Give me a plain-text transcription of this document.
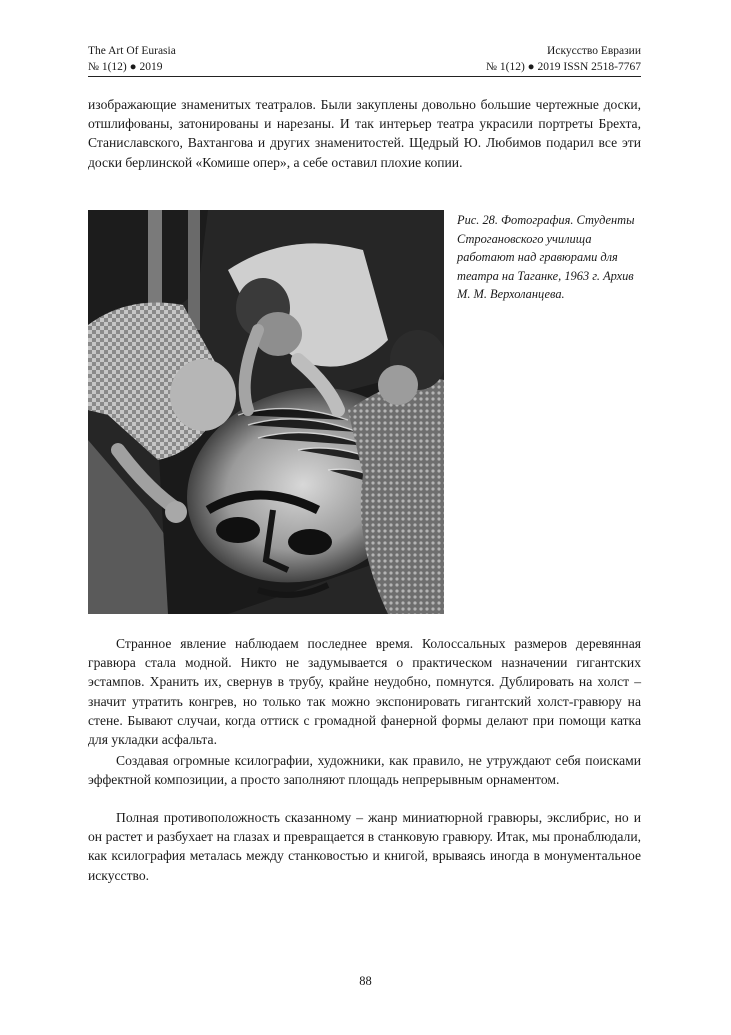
The Art Of Eurasia
№ 1(12) ● 2019
Искусство Евразии
№ 1(12) ● 2019 ISSN 2518-7767

изображающие знаменитых театралов. Были закуплены довольно большие чертежные доски, отшлифованы, затонированы и нарезаны. И так интерьер театра украсили портреты Брехта, Станиславского, Вахтангова и других знаменитостей. Щедрый Ю. Любимов подарил все эти доски берлинской «Комише опер», а себе оставил плохие копии.

Рис. 28. Фотография. Студенты Строгановского училища работают над гравюрами для театра на Таганке, 1963 г. Архив М. М. Верхоланцева.

Странное явление наблюдаем последнее время. Колоссальных размеров деревянная гравюра стала модной. Никто не задумывается о практическом назначении гигантских эстампов. Хранить их, свернув в трубу, крайне неудобно, помнутся. Дублировать на холст – значит утратить конгрев, но только так можно экспонировать гигантский холст-гравюру на стене. Бывают случаи, когда оттиск с громадной фанерной формы делают при помощи катка для укладки асфальта.

Создавая огромные ксилографии, художники, как правило, не утруждают себя поисками эффектной композиции, а просто заполняют площадь непрерывным орнаментом.

Полная противоположность сказанному – жанр миниатюрной гравюры, экслибрис, но и он растет и разбухает на глазах и превращается в станковую гравюру. Итак, мы пронаблюдали, как ксилография металась между станковостью и книгой, врываясь иногда в монументальное искусство.

88
